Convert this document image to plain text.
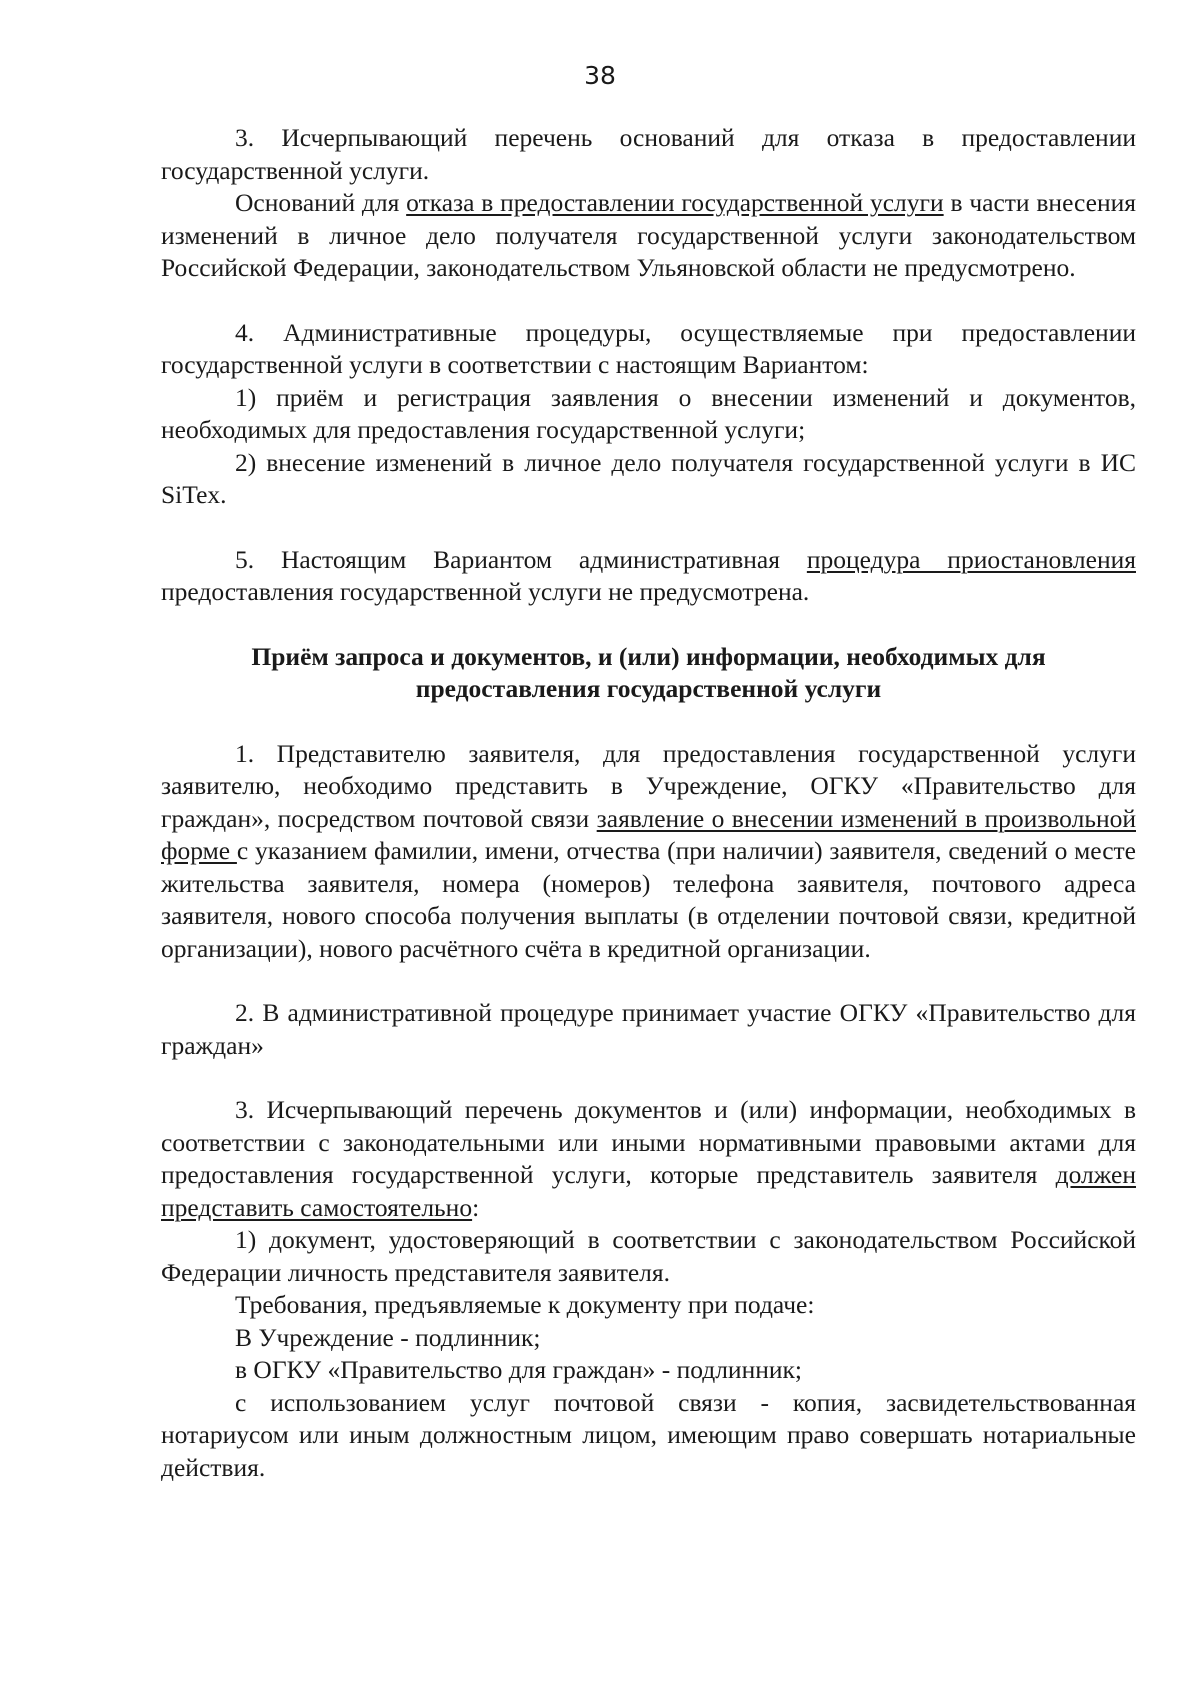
38

3. Исчерпывающий перечень оснований для отказа в предоставлении государственной услуги.

Оснований для отказа в предоставлении государственной услуги в части внесения изменений в личное дело получателя государственной услуги законодательством Российской Федерации, законодательством Ульяновской области не предусмотрено.

4. Административные процедуры, осуществляемые при предоставлении государственной услуги в соответствии с настоящим Вариантом:

1) приём и регистрация заявления о внесении изменений и документов, необходимых для предоставления государственной услуги;

2) внесение изменений в личное дело получателя государственной услуги в ИС SiTex.

5. Настоящим Вариантом административная процедура приостановления предоставления государственной услуги не предусмотрена.

Приём запроса и документов, и (или) информации, необходимых для предоставления государственной услуги

1. Представителю заявителя, для предоставления государственной услуги заявителю, необходимо представить в Учреждение, ОГКУ «Правительство для граждан», посредством почтовой связи заявление о внесении изменений в произвольной форме с указанием фамилии, имени, отчества (при наличии) заявителя, сведений о месте жительства заявителя, номера (номеров) телефона заявителя, почтового адреса заявителя, нового способа получения выплаты (в отделении почтовой связи, кредитной организации), нового расчётного счёта в кредитной организации.

2. В административной процедуре принимает участие ОГКУ «Правительство для граждан»

3. Исчерпывающий перечень документов и (или) информации, необходимых в соответствии с законодательными или иными нормативными правовыми актами для предоставления государственной услуги, которые представитель заявителя должен представить самостоятельно:

1) документ, удостоверяющий в соответствии с законодательством Российской Федерации личность представителя заявителя.

Требования, предъявляемые к документу при подаче:

В Учреждение - подлинник;

в ОГКУ «Правительство для граждан» - подлинник;

с использованием услуг почтовой связи - копия, засвидетельствованная нотариусом или иным должностным лицом, имеющим право совершать нотариальные действия.
